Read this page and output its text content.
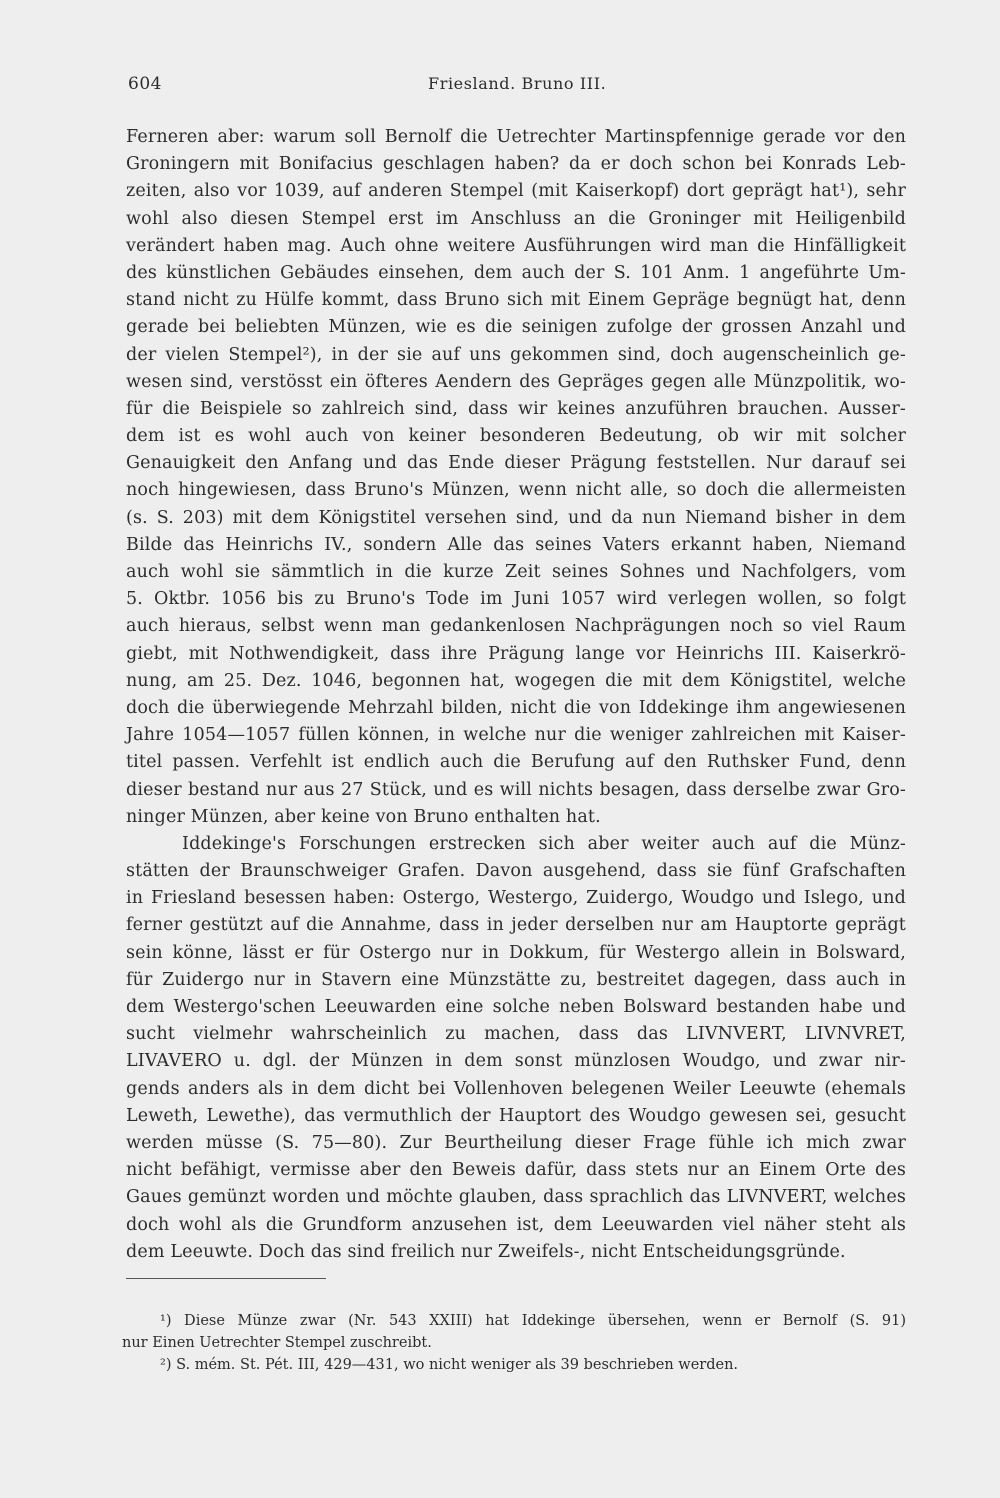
604	Friesland. Bruno III.
Ferneren aber: warum soll Bernolf die Uetrechter Martinspfennige gerade vor den
Groningern mit Bonifacius geschlagen haben? da er doch schon bei Konrads Leb-
zeiten, also vor 1039, auf anderen Stempel (mit Kaiserkopf) dort geprägt hat¹), sehr
wohl also diesen Stempel erst im Anschluss an die Groninger mit Heiligenbild
verändert haben mag. Auch ohne weitere Ausführungen wird man die Hinfälligkeit
des künstlichen Gebäudes einsehen, dem auch der S. 101 Anm. 1 angeführte Um-
stand nicht zu Hülfe kommt, dass Bruno sich mit Einem Gepräge begnügt hat, denn
gerade bei beliebten Münzen, wie es die seinigen zufolge der grossen Anzahl und
der vielen Stempel²), in der sie auf uns gekommen sind, doch augenscheinlich ge-
wesen sind, verstösst ein öfteres Aendern des Gepräges gegen alle Münzpolitik, wo-
für die Beispiele so zahlreich sind, dass wir keines anzuführen brauchen. Ausser-
dem ist es wohl auch von keiner besonderen Bedeutung, ob wir mit solcher
Genauigkeit den Anfang und das Ende dieser Prägung feststellen. Nur darauf sei
noch hingewiesen, dass Bruno's Münzen, wenn nicht alle, so doch die allermeisten
(s. S. 203) mit dem Königstitel versehen sind, und da nun Niemand bisher in dem
Bilde das Heinrichs IV., sondern Alle das seines Vaters erkannt haben, Niemand
auch wohl sie sämmtlich in die kurze Zeit seines Sohnes und Nachfolgers, vom
5. Oktbr. 1056 bis zu Bruno's Tode im Juni 1057 wird verlegen wollen, so folgt
auch hieraus, selbst wenn man gedankenlosen Nachprägungen noch so viel Raum
giebt, mit Nothwendigkeit, dass ihre Prägung lange vor Heinrichs III. Kaiserkrö-
nung, am 25. Dez. 1046, begonnen hat, wogegen die mit dem Königstitel, welche
doch die überwiegende Mehrzahl bilden, nicht die von Iddekinge ihm angewiesenen
Jahre 1054—1057 füllen können, in welche nur die weniger zahlreichen mit Kaiser-
titel passen. Verfehlt ist endlich auch die Berufung auf den Ruthsker Fund, denn
dieser bestand nur aus 27 Stück, und es will nichts besagen, dass derselbe zwar Gro-
ninger Münzen, aber keine von Bruno enthalten hat.
Iddekinge's Forschungen erstrecken sich aber weiter auch auf die Münz-
stätten der Braunschweiger Grafen. Davon ausgehend, dass sie fünf Grafschaften
in Friesland besessen haben: Ostergo, Westergo, Zuidergo, Woudgo und Islego, und
ferner gestützt auf die Annahme, dass in jeder derselben nur am Hauptorte geprägt
sein könne, lässt er für Ostergo nur in Dokkum, für Westergo allein in Bolsward,
für Zuidergo nur in Stavern eine Münzstätte zu, bestreitet dagegen, dass auch in
dem Westergo'schen Leeuwarden eine solche neben Bolsward bestanden habe und
sucht vielmehr wahrscheinlich zu machen, dass das LIVNVERT, LIVNVRET,
LIVAVERO u. dgl. der Münzen in dem sonst münzlosen Woudgo, und zwar nir-
gends anders als in dem dicht bei Vollenhoven belegenen Weiler Leeuwte (ehemals
Leweth, Lewethe), das vermuthlich der Hauptort des Woudgo gewesen sei, gesucht
werden müsse (S. 75—80). Zur Beurtheilung dieser Frage fühle ich mich zwar
nicht befähigt, vermisse aber den Beweis dafür, dass stets nur an Einem Orte des
Gaues gemünzt worden und möchte glauben, dass sprachlich das LIVNVERT, welches
doch wohl als die Grundform anzusehen ist, dem Leeuwarden viel näher steht als
dem Leeuwte. Doch das sind freilich nur Zweifels-, nicht Entscheidungsgründe.
¹) Diese Münze zwar (Nr. 543 XXIII) hat Iddekinge übersehen, wenn er Bernolf (S. 91)
nur Einen Uetrechter Stempel zuschreibt.
²) S. mém. St. Pét. III, 429—431, wo nicht weniger als 39 beschrieben werden.
